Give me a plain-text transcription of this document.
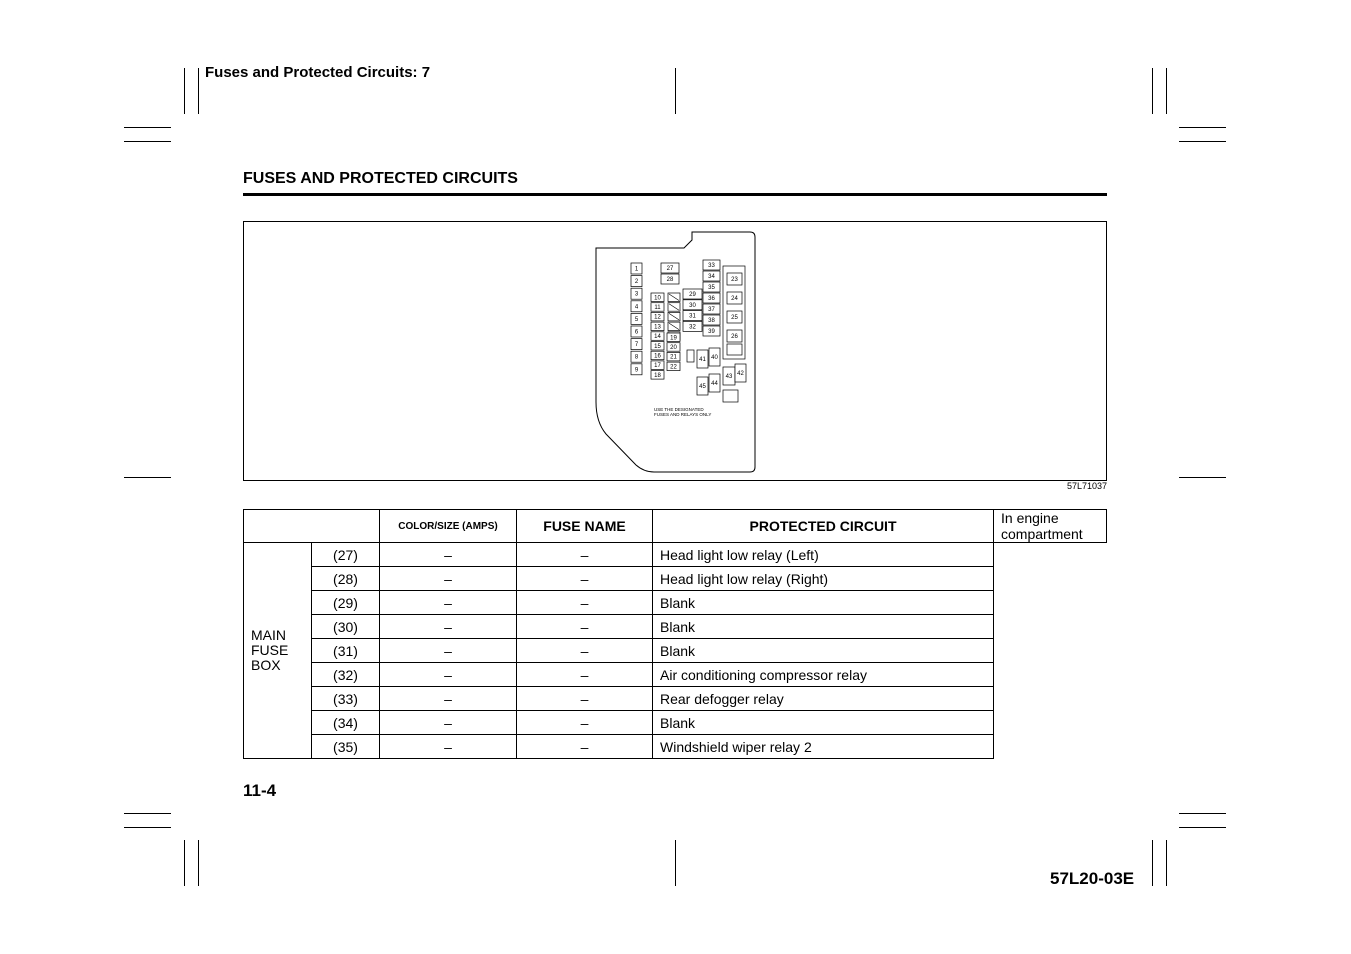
Fuses and Protected Circuits: 7
FUSES AND PROTECTED CIRCUITS
1
2
3
4
5
6
7
8
9
10
11
12
13
14
15
16
17
18
19
20
21
22
27
28
29
30
31
32
33
34
35
36
37
38
39
23
24
25
26
41 40
43 42
45 44
USE THE DESIGNATED
FUSES AND RELAYS ONLY
57L71037
		COLOR/SIZE (AMPS)	FUSE NAME	PROTECTED CIRCUIT	In engine
compartment
MAIN
FUSE
BOX	(27)	–	–	Head light low relay (Left)	
	(28)	–	–	Head light low relay (Right)	
	(29)	–	–	Blank	
	(30)	–	–	Blank	
	(31)	–	–	Blank	
	(32)	–	–	Air conditioning compressor relay	
	(33)	–	–	Rear defogger relay	
	(34)	–	–	Blank	
	(35)	–	–	Windshield wiper relay 2	
11-4
57L20-03E
